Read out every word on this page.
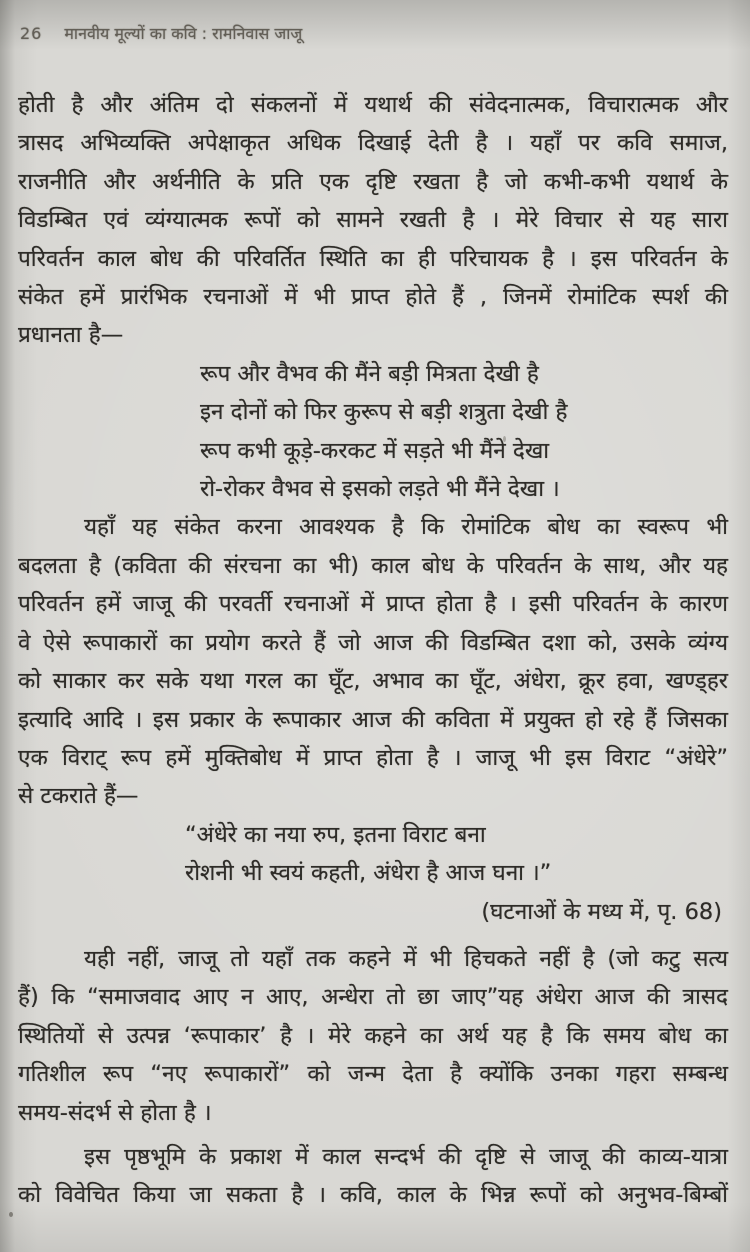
26 मानवीय मूल्यों का कवि : रामनिवास जाजू
होती है और अंतिम दो संकलनों में यथार्थ की संवेदनात्मक, विचारात्मक और
त्रासद अभिव्यक्ति अपेक्षाकृत अधिक दिखाई देती है । यहाँ पर कवि समाज,
राजनीति और अर्थनीति के प्रति एक दृष्टि रखता है जो कभी-कभी यथार्थ के
विडम्बित एवं व्यंग्यात्मक रूपों को सामने रखती है । मेरे विचार से यह सारा
परिवर्तन काल बोध की परिवर्तित स्थिति का ही परिचायक है । इस परिवर्तन के
संकेत हमें प्रारंभिक रचनाओं में भी प्राप्त होते हैं , जिनमें रोमांटिक स्पर्श की
प्रधानता है—
रूप और वैभव की मैंने बड़ी मित्रता देखी है
इन दोनों को फिर कुरूप से बड़ी शत्रुता देखी है
रूप कभी कूड़े-करकट में सड़ते भी मैंने देखा
रो-रोकर वैभव से इसको लड़ते भी मैंने देखा ।
यहाँ यह संकेत करना आवश्यक है कि रोमांटिक बोध का स्वरूप भी
बदलता है (कविता की संरचना का भी) काल बोध के परिवर्तन के साथ, और यह
परिवर्तन हमें जाजू की परवर्ती रचनाओं में प्राप्त होता है । इसी परिवर्तन के कारण
वे ऐसे रूपाकारों का प्रयोग करते हैं जो आज की विडम्बित दशा को, उसके व्यंग्य
को साकार कर सके यथा गरल का घूँट, अभाव का घूँट, अंधेरा, क्रूर हवा, खण्ड्हर
इत्यादि आदि । इस प्रकार के रूपाकार आज की कविता में प्रयुक्त हो रहे हैं जिसका
एक विराट् रूप हमें मुक्तिबोध में प्राप्त होता है । जाजू भी इस विराट “अंधेरे”
से टकराते हैं—
“अंधेरे का नया रुप, इतना विराट बना
रोशनी भी स्वयं कहती, अंधेरा है आज घना ।”
(घटनाओं के मध्य में, पृ. 68)
यही नहीं, जाजू तो यहाँ तक कहने में भी हिचकते नहीं है (जो कटु सत्य
हैं) कि “समाजवाद आए न आए, अन्धेरा तो छा जाए”यह अंधेरा आज की त्रासद
स्थितियों से उत्पन्न ‘रूपाकार’ है । मेरे कहने का अर्थ यह है कि समय बोध का
गतिशील रूप “नए रूपाकारों” को जन्म देता है क्योंकि उनका गहरा सम्बन्ध
समय-संदर्भ से होता है ।
इस पृष्ठभूमि के प्रकाश में काल सन्दर्भ की दृष्टि से जाजू की काव्य-यात्रा
को विवेचित किया जा सकता है । कवि, काल के भिन्न रूपों को अनुभव-बिम्बों
